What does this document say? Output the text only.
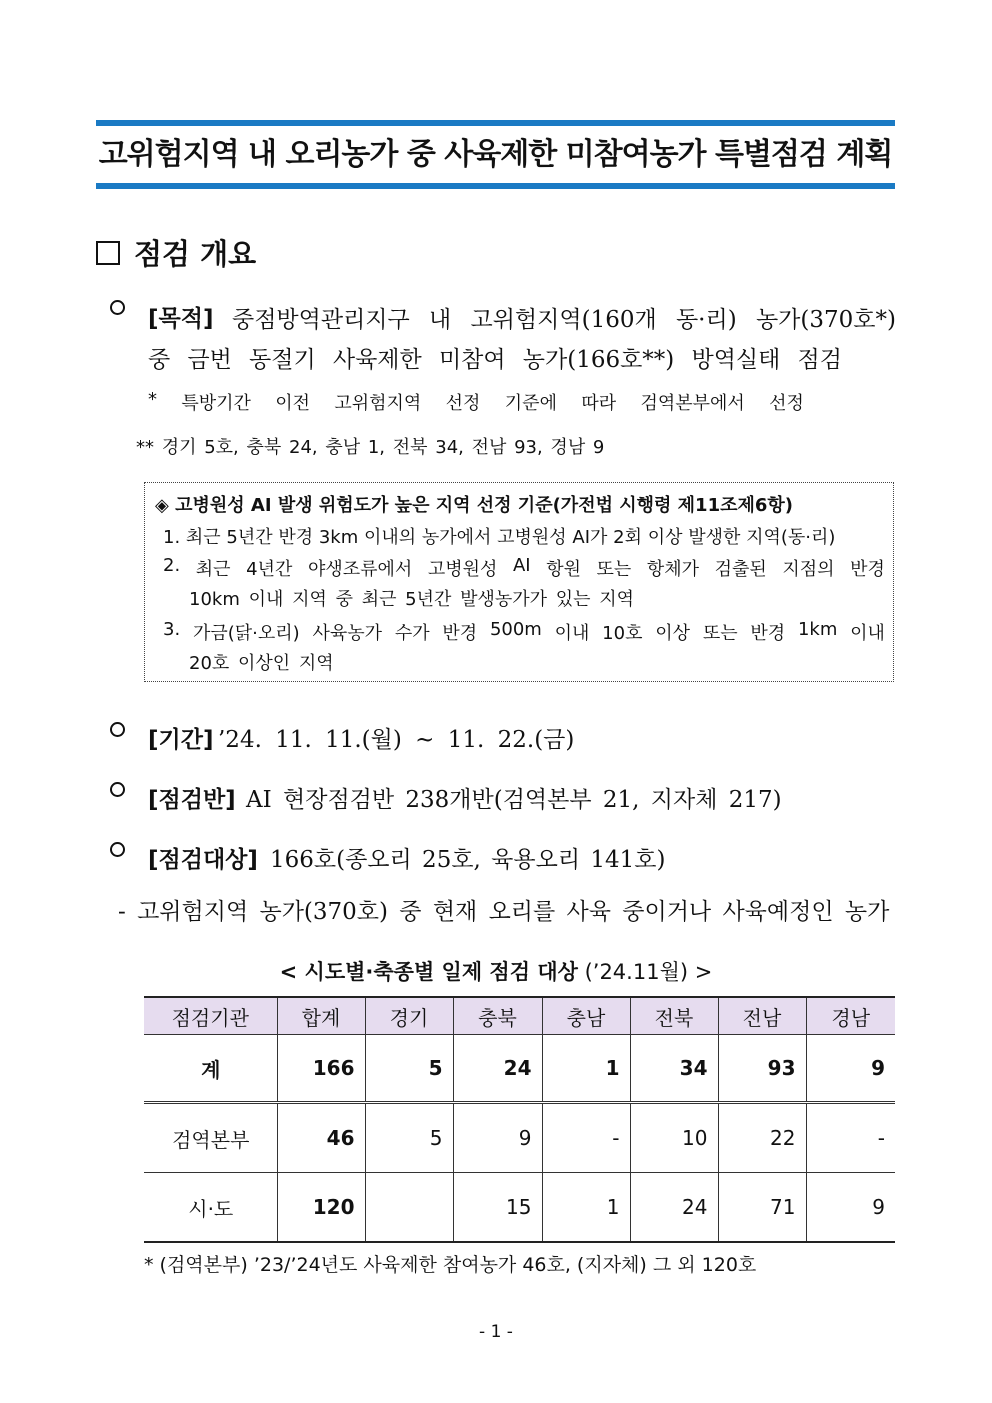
고위험지역 내 오리농가 중 사육제한 미참여농가 특별점검 계획
점검 개요
[목적] 중점방역관리지구 내 고위험지역(160개 동·리) 농가(370호*)
중 금번 동절기 사육제한 미참여 농가(166호**) 방역실태 점검
* 특방기간 이전 고위험지역 선정 기준에 따라 검역본부에서 선정
** 경기 5호, 충북 24, 충남 1, 전북 34, 전남 93, 경남 9
◈ 고병원성 AI 발생 위험도가 높은 지역 선정 기준(가전법 시행령 제11조제6항)
1. 최근 5년간 반경 3km 이내의 농가에서 고병원성 AI가 2회 이상 발생한 지역(동·리)
2. 최근 4년간 야생조류에서 고병원성 AI 항원 또는 항체가 검출된 지점의 반경
10km 이내 지역 중 최근 5년간 발생농가가 있는 지역
3. 가금(닭·오리) 사육농가 수가 반경 500m 이내 10호 이상 또는 반경 1km 이내
20호 이상인 지역
[기간] ’24. 11. 11.(월) ~ 11. 22.(금)
[점검반] AI 현장점검반 238개반(검역본부 21, 지자체 217)
[점검대상] 166호(종오리 25호, 육용오리 141호)
- 고위험지역 농가(370호) 중 현재 오리를 사육 중이거나 사육예정인 농가
< 시도별·축종별 일제 점검 대상 (’24.11월) >
점검기관	합계	경기	충북	충남	전북	전남	경남
계	166	5	24	1	34	93	9
검역본부	46	5	9	-	10	22	-
시·도	120		15	1	24	71	9
* (검역본부) ’23/’24년도 사육제한 참여농가 46호, (지자체) 그 외 120호
- 1 -
